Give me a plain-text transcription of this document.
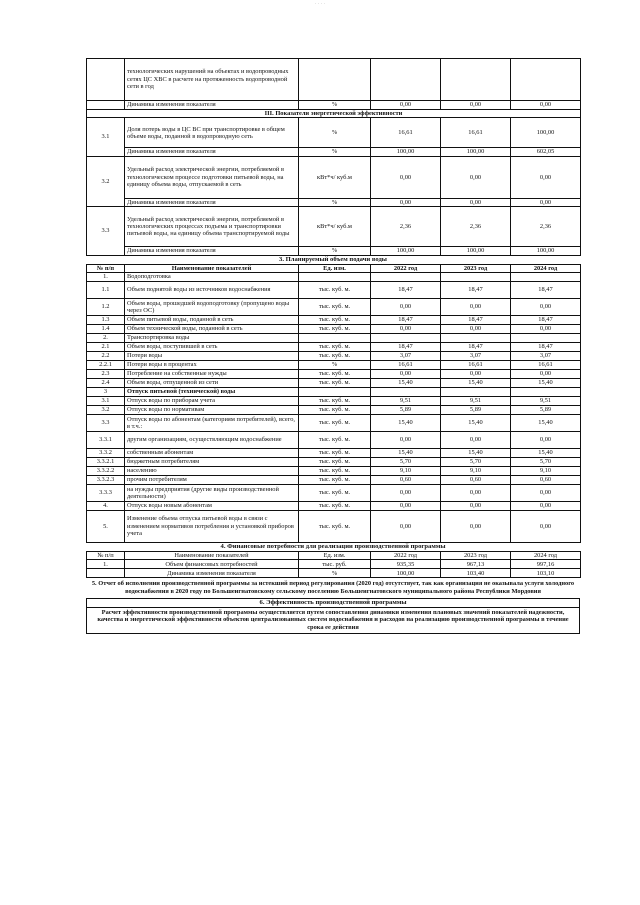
· · · ·
	технологических нарушений на объектах и водопроводных сетях ЦС ХВС в расчете на протяженность водопроводной сети в год				
	Динамика изменения показателя	%	0,00	0,00	0,00
III. Показатели энергетической эффективности					
3.1	Доля потерь воды в ЦС ВС при транспортировке в общем объеме воды, поданной в водопроводную сеть	%	16,61	16,61	100,00
	Динамика изменения показателя	%	100,00	100,00	602,05
3.2	Удельный расход электрической энергии, потребляемой в технологическом процессе подготовки питьевой воды, на единицу объема воды, отпускаемой в сеть	кВт*ч/ куб.м	0,00	0,00	0,00
	Динамика изменения показателя	%	0,00	0,00	0,00
3.3	Удельный расход электрической энергии, потребляемой в технологических процессах подъема и транспортировки питьевой воды, на единицу объема транспортируемой воды	кВт*ч/ куб.м	2,36	2,36	2,36
	Динамика изменения показателя	%	100,00	100,00	100,00
3. Планируемый объем подачи воды
№ п/п	Наименование показателей	Ед. изм.	2022 год	2023 год	2024 год
1.	Водоподготовка				
1.1	Объем поднятой воды из источников водоснабжения	тыс. куб. м.	18,47	18,47	18,47
1.2	Объем воды, прошедшей водоподготовку (пропущено воды через ОС)	тыс. куб. м.	0,00	0,00	0,00
1.3	Объем питьевой воды, поданной в сеть	тыс. куб. м.	18,47	18,47	18,47
1.4	Объем технической воды, поданной в сеть	тыс. куб. м.	0,00	0,00	0,00
2.	Транспортировка воды				
2.1	Объем воды, поступившей в сеть	тыс. куб. м.	18,47	18,47	18,47
2.2	Потери воды	тыс. куб. м.	3,07	3,07	3,07
2.2.1	Потери воды в процентах	%	16,61	16,61	16,61
2.3	Потребление на собственные нужды	тыс. куб. м.	0,00	0,00	0,00
2.4	Объем воды, отпущенной из сети	тыс. куб. м.	15,40	15,40	15,40
3	Отпуск питьевой (технической) воды				
3.1	Отпуск воды по приборам учета	тыс. куб. м.	9,51	9,51	9,51
3.2	Отпуск воды по нормативам	тыс. куб. м.	5,89	5,89	5,89
3.3	Отпуск воды по абонентам (категориям потребителей), всего, в т.ч.:	тыс. куб. м.	15,40	15,40	15,40
3.3.1	другим организациям, осуществляющим водоснабжение	тыс. куб. м.	0,00	0,00	0,00
3.3.2	собственным абонентам	тыс. куб. м.	15,40	15,40	15,40
3.3.2.1	бюджетным потребителям	тыс. куб. м.	5,70	5,70	5,70
3.3.2.2	населению	тыс. куб. м.	9,10	9,10	9,10
3.3.2.3	прочим потребителям	тыс. куб. м.	0,60	0,60	0,60
3.3.3	на нужды предприятия (другие виды производственной деятельности)	тыс. куб. м.	0,00	0,00	0,00
4.	Отпуск воды новым абонентам	тыс. куб. м.	0,00	0,00	0,00
5.	Изменение объема отпуска питьевой воды в связи с изменением нормативов потребления и установкой приборов учета	тыс. куб. м.	0,00	0,00	0,00
4. Финансовые потребности для реализации производственной программы
№ п/п	Наименование показателей	Ед. изм.	2022 год	2023 год	2024 год
1.	Объем финансовых потребностей	тыс. руб.	935,35	967,13	997,16
	Динамика изменения показателя	%	100,00	103,40	103,10
5. Отчет об исполнении производственной программы за истекший период регулирования (2020 год) отсутствует, так как организация не оказывала услуги холодного водоснабжения в 2020 году по Большеигнатовскому сельскому поселению Большеигнатовского муниципального района Республики Мордовия
6. Эффективность производственной программы
Расчет эффективности производственной программы осуществляется путем сопоставления динамики изменения плановых значений показателей надежности, качества и энергетической эффективности объектов централизованных систем водоснабжения и расходов на реализацию производственной программы в течение срока ее действия
